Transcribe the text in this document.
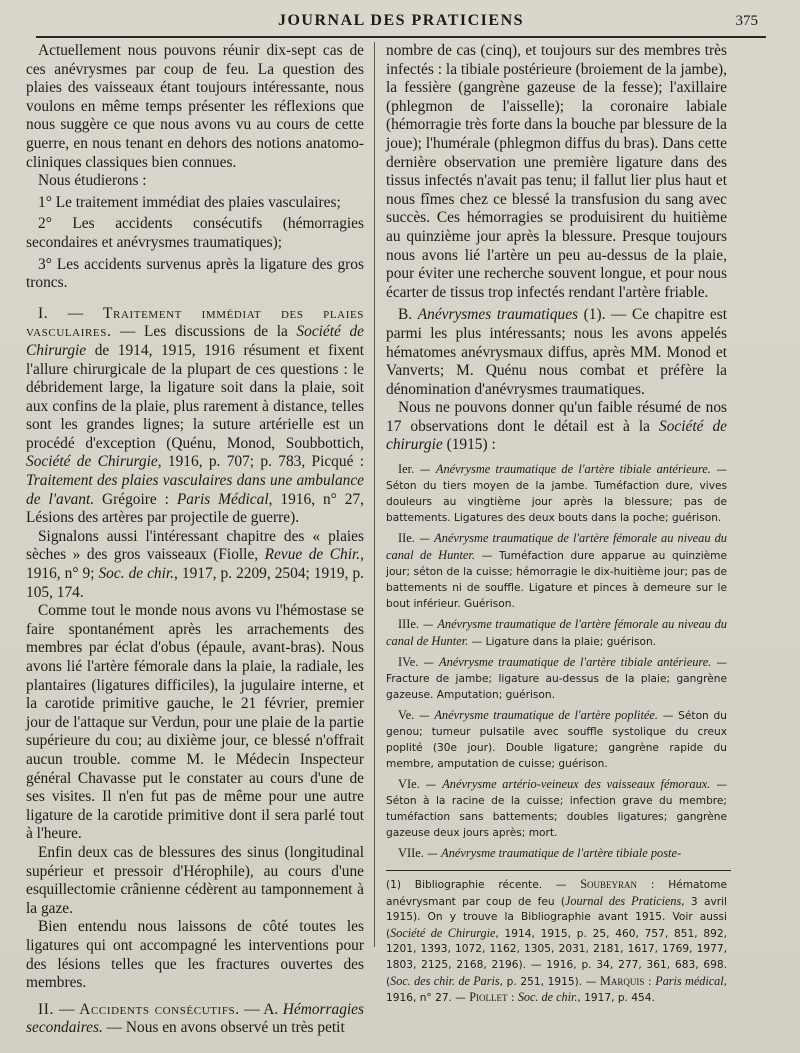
JOURNAL DES PRATICIENS	375

Actuellement nous pouvons réunir dix-sept cas de ces anévrysmes par coup de feu. La question des plaies des vaisseaux étant toujours intéressante, nous voulons en même temps présenter les réflexions que nous suggère ce que nous avons vu au cours de cette guerre, en nous tenant en dehors des notions anatomo-cliniques classiques bien connues.

Nous étudierons :

1° Le traitement immédiat des plaies vasculaires;

2° Les accidents consécutifs (hémorragies secondaires et anévrysmes traumatiques);

3° Les accidents survenus après la ligature des gros troncs.

I. — Traitement immédiat des plaies vasculaires. — Les discussions de la Société de Chirurgie de 1914, 1915, 1916 résument et fixent l'allure chirurgicale de la plupart de ces questions : le débridement large, la ligature soit dans la plaie, soit aux confins de la plaie, plus rarement à distance, telles sont les grandes lignes; la suture artérielle est un procédé d'exception (Quénu, Monod, Soubbottich, Société de Chirurgie, 1916, p. 707; p. 783, Picqué : Traitement des plaies vasculaires dans une ambulance de l'avant. Grégoire : Paris Médical, 1916, n° 27, Lésions des artères par projectile de guerre).

Signalons aussi l'intéressant chapitre des « plaies sèches » des gros vaisseaux (Fiolle, Revue de Chir., 1916, n° 9; Soc. de chir., 1917, p. 2209, 2504; 1919, p. 105, 174.

Comme tout le monde nous avons vu l'hémostase se faire spontanément après les arrachements des membres par éclat d'obus (épaule, avant-bras). Nous avons lié l'artère fémorale dans la plaie, la radiale, les plantaires (ligatures difficiles), la jugulaire interne, et la carotide primitive gauche, le 21 février, premier jour de l'attaque sur Verdun, pour une plaie de la partie supérieure du cou; au dixième jour, ce blessé n'offrait aucun trouble. comme M. le Médecin Inspecteur général Chavasse put le constater au cours d'une de ses visites. Il n'en fut pas de même pour une autre ligature de la carotide primitive dont il sera parlé tout à l'heure.

Enfin deux cas de blessures des sinus (longitudinal supérieur et pressoir d'Hérophile), au cours d'une esquillectomie crânienne cédèrent au tamponnement à la gaze.

Bien entendu nous laissons de côté toutes les ligatures qui ont accompagné les interventions pour des lésions telles que les fractures ouvertes des membres.

II. — Accidents consécutifs. — A. Hémorragies secondaires. — Nous en avons observé un très petit

nombre de cas (cinq), et toujours sur des membres très infectés : la tibiale postérieure (broiement de la jambe), la fessière (gangrène gazeuse de la fesse); l'axillaire (phlegmon de l'aisselle); la coronaire labiale (hémorragie très forte dans la bouche par blessure de la joue); l'humérale (phlegmon diffus du bras). Dans cette dernière observation une première ligature dans des tissus infectés n'avait pas tenu; il fallut lier plus haut et nous fîmes chez ce blessé la transfusion du sang avec succès. Ces hémorragies se produisirent du huitième au quinzième jour après la blessure. Presque toujours nous avons lié l'artère un peu au-dessus de la plaie, pour éviter une recherche souvent longue, et pour nous écarter de tissus trop infectés rendant l'artère friable.

B. Anévrysmes traumatiques (1). — Ce chapitre est parmi les plus intéressants; nous les avons appelés hématomes anévrysmaux diffus, après MM. Monod et Vanverts; M. Quénu nous combat et préfère la dénomination d'anévrysmes traumatiques.

Nous ne pouvons donner qu'un faible résumé de nos 17 observations dont le détail est à la Société de chirurgie (1915) :

Ier. — Anévrysme traumatique de l'artère tibiale antérieure. — Séton du tiers moyen de la jambe. Tuméfaction dure, vives douleurs au vingtième jour après la blessure; pas de battements. Ligatures des deux bouts dans la poche; guérison.

IIe. — Anévrysme traumatique de l'artère fémorale au niveau du canal de Hunter. — Tuméfaction dure apparue au quinzième jour; séton de la cuisse; hémorragie le dix-huitième jour; pas de battements ni de souffle. Ligature et pinces à demeure sur le bout inférieur. Guérison.

IIIe. — Anévrysme traumatique de l'artère fémorale au niveau du canal de Hunter. — Ligature dans la plaie; guérison.

IVe. — Anévrysme traumatique de l'artère tibiale antérieure. — Fracture de jambe; ligature au-dessus de la plaie; gangrène gazeuse. Amputation; guérison.

Ve. — Anévrysme traumatique de l'artère poplitée. — Séton du genou; tumeur pulsatile avec souffle systolique du creux poplité (30e jour). Double ligature; gangrène rapide du membre, amputation de cuisse; guérison.

VIe. — Anévrysme artério-veineux des vaisseaux fémoraux. — Séton à la racine de la cuisse; infection grave du membre; tuméfaction sans battements; doubles ligatures; gangrène gazeuse deux jours après; mort.

VIIe. — Anévrysme traumatique de l'artère tibiale poste-

(1) Bibliographie récente. — Soubeyran : Hématome anévrysmant par coup de feu (Journal des Praticiens, 3 avril 1915). On y trouve la Bibliographie avant 1915. Voir aussi (Société de Chirurgie, 1914, 1915, p. 25, 460, 757, 851, 892, 1201, 1393, 1072, 1162, 1305, 2031, 2181, 1617, 1769, 1977, 1803, 2125, 2168, 2196). — 1916, p. 34, 277, 361, 683, 698. (Soc. des chir. de Paris, p. 251, 1915). — Marquis : Paris médical, 1916, n° 27. — Piollet : Soc. de chir., 1917, p. 454.
